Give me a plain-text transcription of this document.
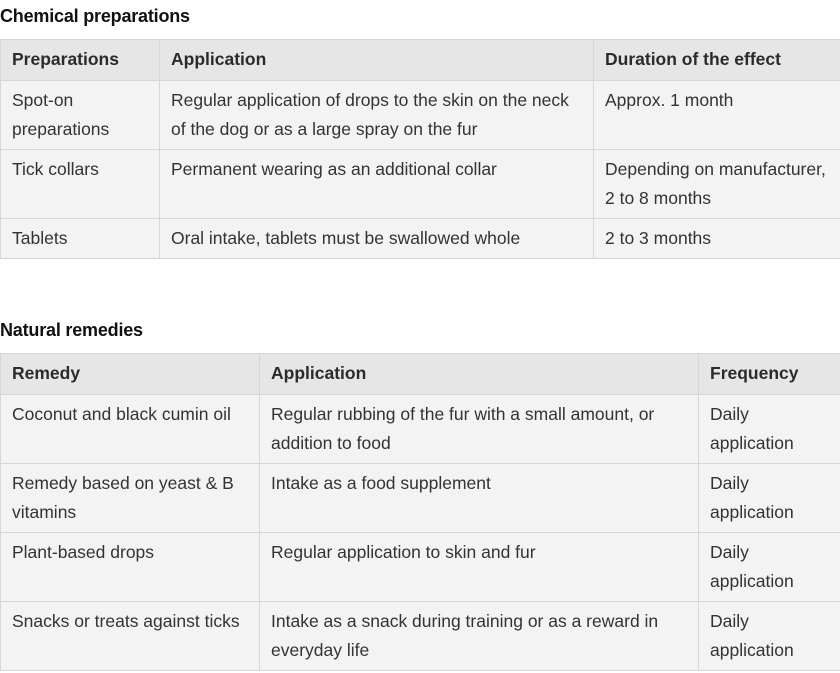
Chemical preparations
Preparations	Application	Duration of the effect
Spot-on preparations	Regular application of drops to the skin on the neck of the dog or as a large spray on the fur	Approx. 1 month
Tick collars	Permanent wearing as an additional collar	Depending on manufacturer, 2 to 8 months
Tablets	Oral intake, tablets must be swallowed whole	2 to 3 months
Natural remedies
Remedy	Application	Frequency
Coconut and black cumin oil	Regular rubbing of the fur with a small amount, or addition to food	Daily application
Remedy based on yeast & B vitamins	Intake as a food supplement	Daily application
Plant-based drops	Regular application to skin and fur	Daily application
Snacks or treats against ticks	Intake as a snack during training or as a reward in everyday life	Daily application
